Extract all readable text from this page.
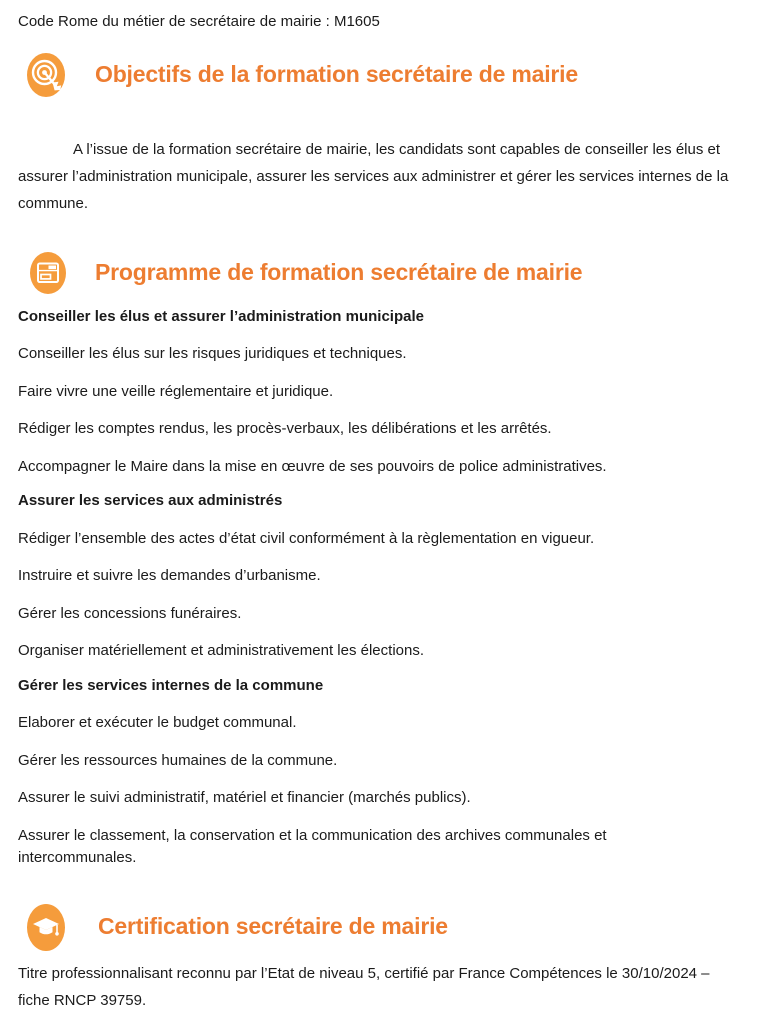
Code Rome du métier de secrétaire de mairie : M1605

Objectifs de la formation secrétaire de mairie

A l’issue de la formation secrétaire de mairie, les candidats sont capables de conseiller les élus et assurer l’administration municipale, assurer les services aux administrer et gérer les services internes de la commune.

Programme de formation secrétaire de mairie
Conseiller les élus et assurer l’administration municipale

Conseiller les élus sur les risques juridiques et techniques.

Faire vivre une veille réglementaire et juridique.

Rédiger les comptes rendus, les procès-verbaux, les délibérations et les arrêtés.

Accompagner le Maire dans la mise en œuvre de ses pouvoirs de police administratives.

Assurer les services aux administrés

Rédiger l’ensemble des actes d’état civil conformément à la règlementation en vigueur.

Instruire et suivre les demandes d’urbanisme.

Gérer les concessions funéraires.

Organiser matériellement et administrativement les élections.

Gérer les services internes de la commune

Elaborer et exécuter le budget communal.

Gérer les ressources humaines de la commune.

Assurer le suivi administratif, matériel et financier (marchés publics).

Assurer le classement, la conservation et la communication des archives communales et intercommunales.

Certification secrétaire de mairie

Titre professionnalisant reconnu par l’Etat de niveau 5, certifié par France Compétences le 30/10/2024 – fiche RNCP 39759.
